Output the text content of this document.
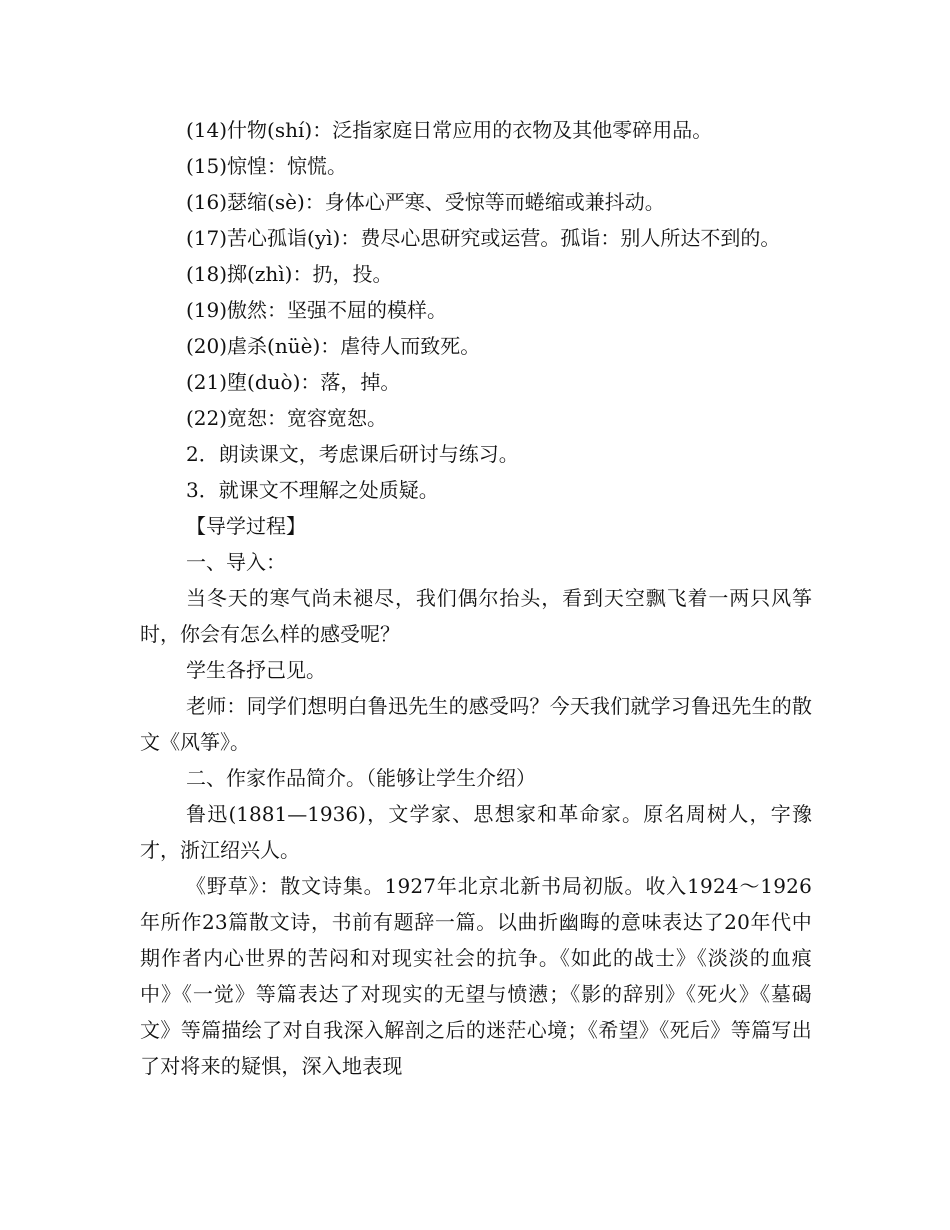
(14)什物(shí)：泛指家庭日常应用的衣物及其他零碎用品。

(15)惊惶：惊慌。

(16)瑟缩(sè)：身体心严寒、受惊等而蜷缩或兼抖动。

(17)苦心孤诣(yì)：费尽心思研究或运营。孤诣：别人所达不到的。

(18)掷(zhì)：扔，投。

(19)傲然：坚强不屈的模样。

(20)虐杀(nüè)：虐待人而致死。

(21)堕(duò)：落，掉。

(22)宽恕：宽容宽恕。

2．朗读课文，考虑课后研讨与练习。

3．就课文不理解之处质疑。

【导学过程】

一、导入：

当冬天的寒气尚未褪尽，我们偶尔抬头，看到天空飘飞着一两只风筝时，你会有怎么样的感受呢？

学生各抒己见。

老师：同学们想明白鲁迅先生的感受吗？今天我们就学习鲁迅先生的散文《风筝》。

二、作家作品简介。（能够让学生介绍）

鲁迅(1881—1936)，文学家、思想家和革命家。原名周树人，字豫才，浙江绍兴人。

《野草》：散文诗集。1927年北京北新书局初版。收入1924～1926年所作23篇散文诗，书前有题辞一篇。以曲折幽晦的意味表达了20年代中期作者内心世界的苦闷和对现实社会的抗争。《如此的战士》《淡淡的血痕中》《一觉》等篇表达了对现实的无望与愤懑；《影的辞别》《死火》《墓碣文》等篇描绘了对自我深入解剖之后的迷茫心境；《希望》《死后》等篇写出了对将来的疑惧，深入地表现
